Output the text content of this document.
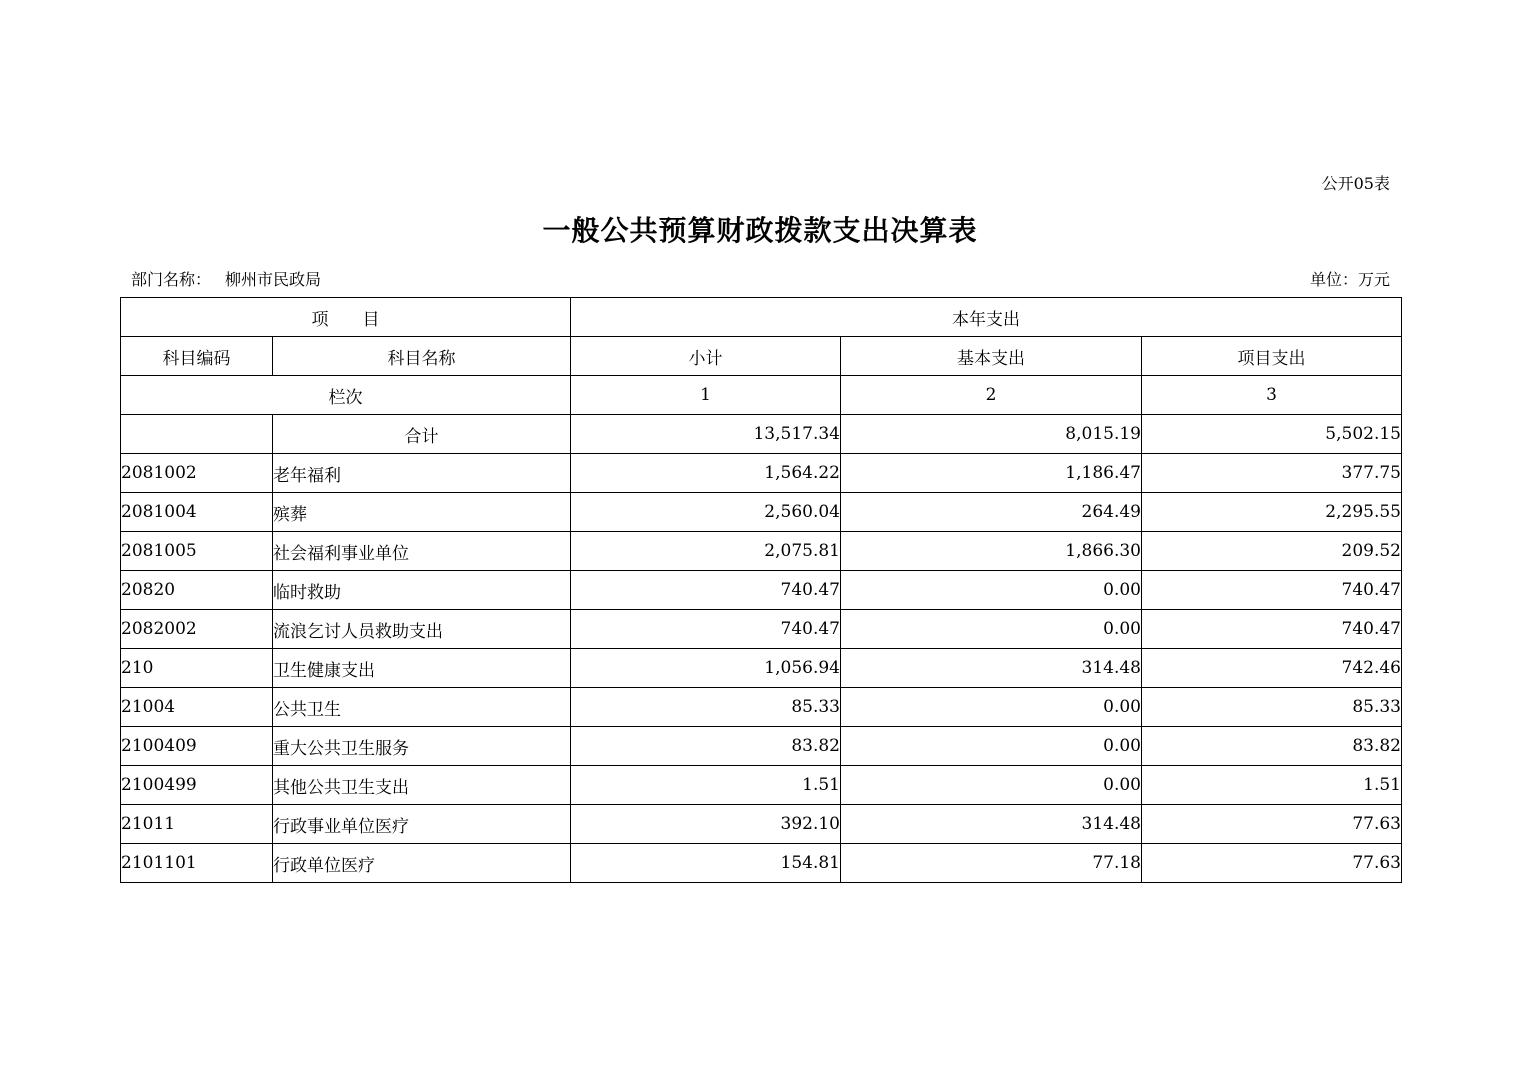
公开05表
一般公共预算财政拨款支出决算表
部门名称： 柳州市民政局	单位：万元
项　　目		本年支出		
科目编码	科目名称	小计	基本支出	项目支出
栏次		1	2	3
	合计	13,517.34	8,015.19	5,502.15
2081002	老年福利	1,564.22	1,186.47	377.75
2081004	殡葬	2,560.04	264.49	2,295.55
2081005	社会福利事业单位	2,075.81	1,866.30	209.52
20820	临时救助	740.47	0.00	740.47
2082002	流浪乞讨人员救助支出	740.47	0.00	740.47
210	卫生健康支出	1,056.94	314.48	742.46
21004	公共卫生	85.33	0.00	85.33
2100409	重大公共卫生服务	83.82	0.00	83.82
2100499	其他公共卫生支出	1.51	0.00	1.51
21011	行政事业单位医疗	392.10	314.48	77.63
2101101	行政单位医疗	154.81	77.18	77.63
